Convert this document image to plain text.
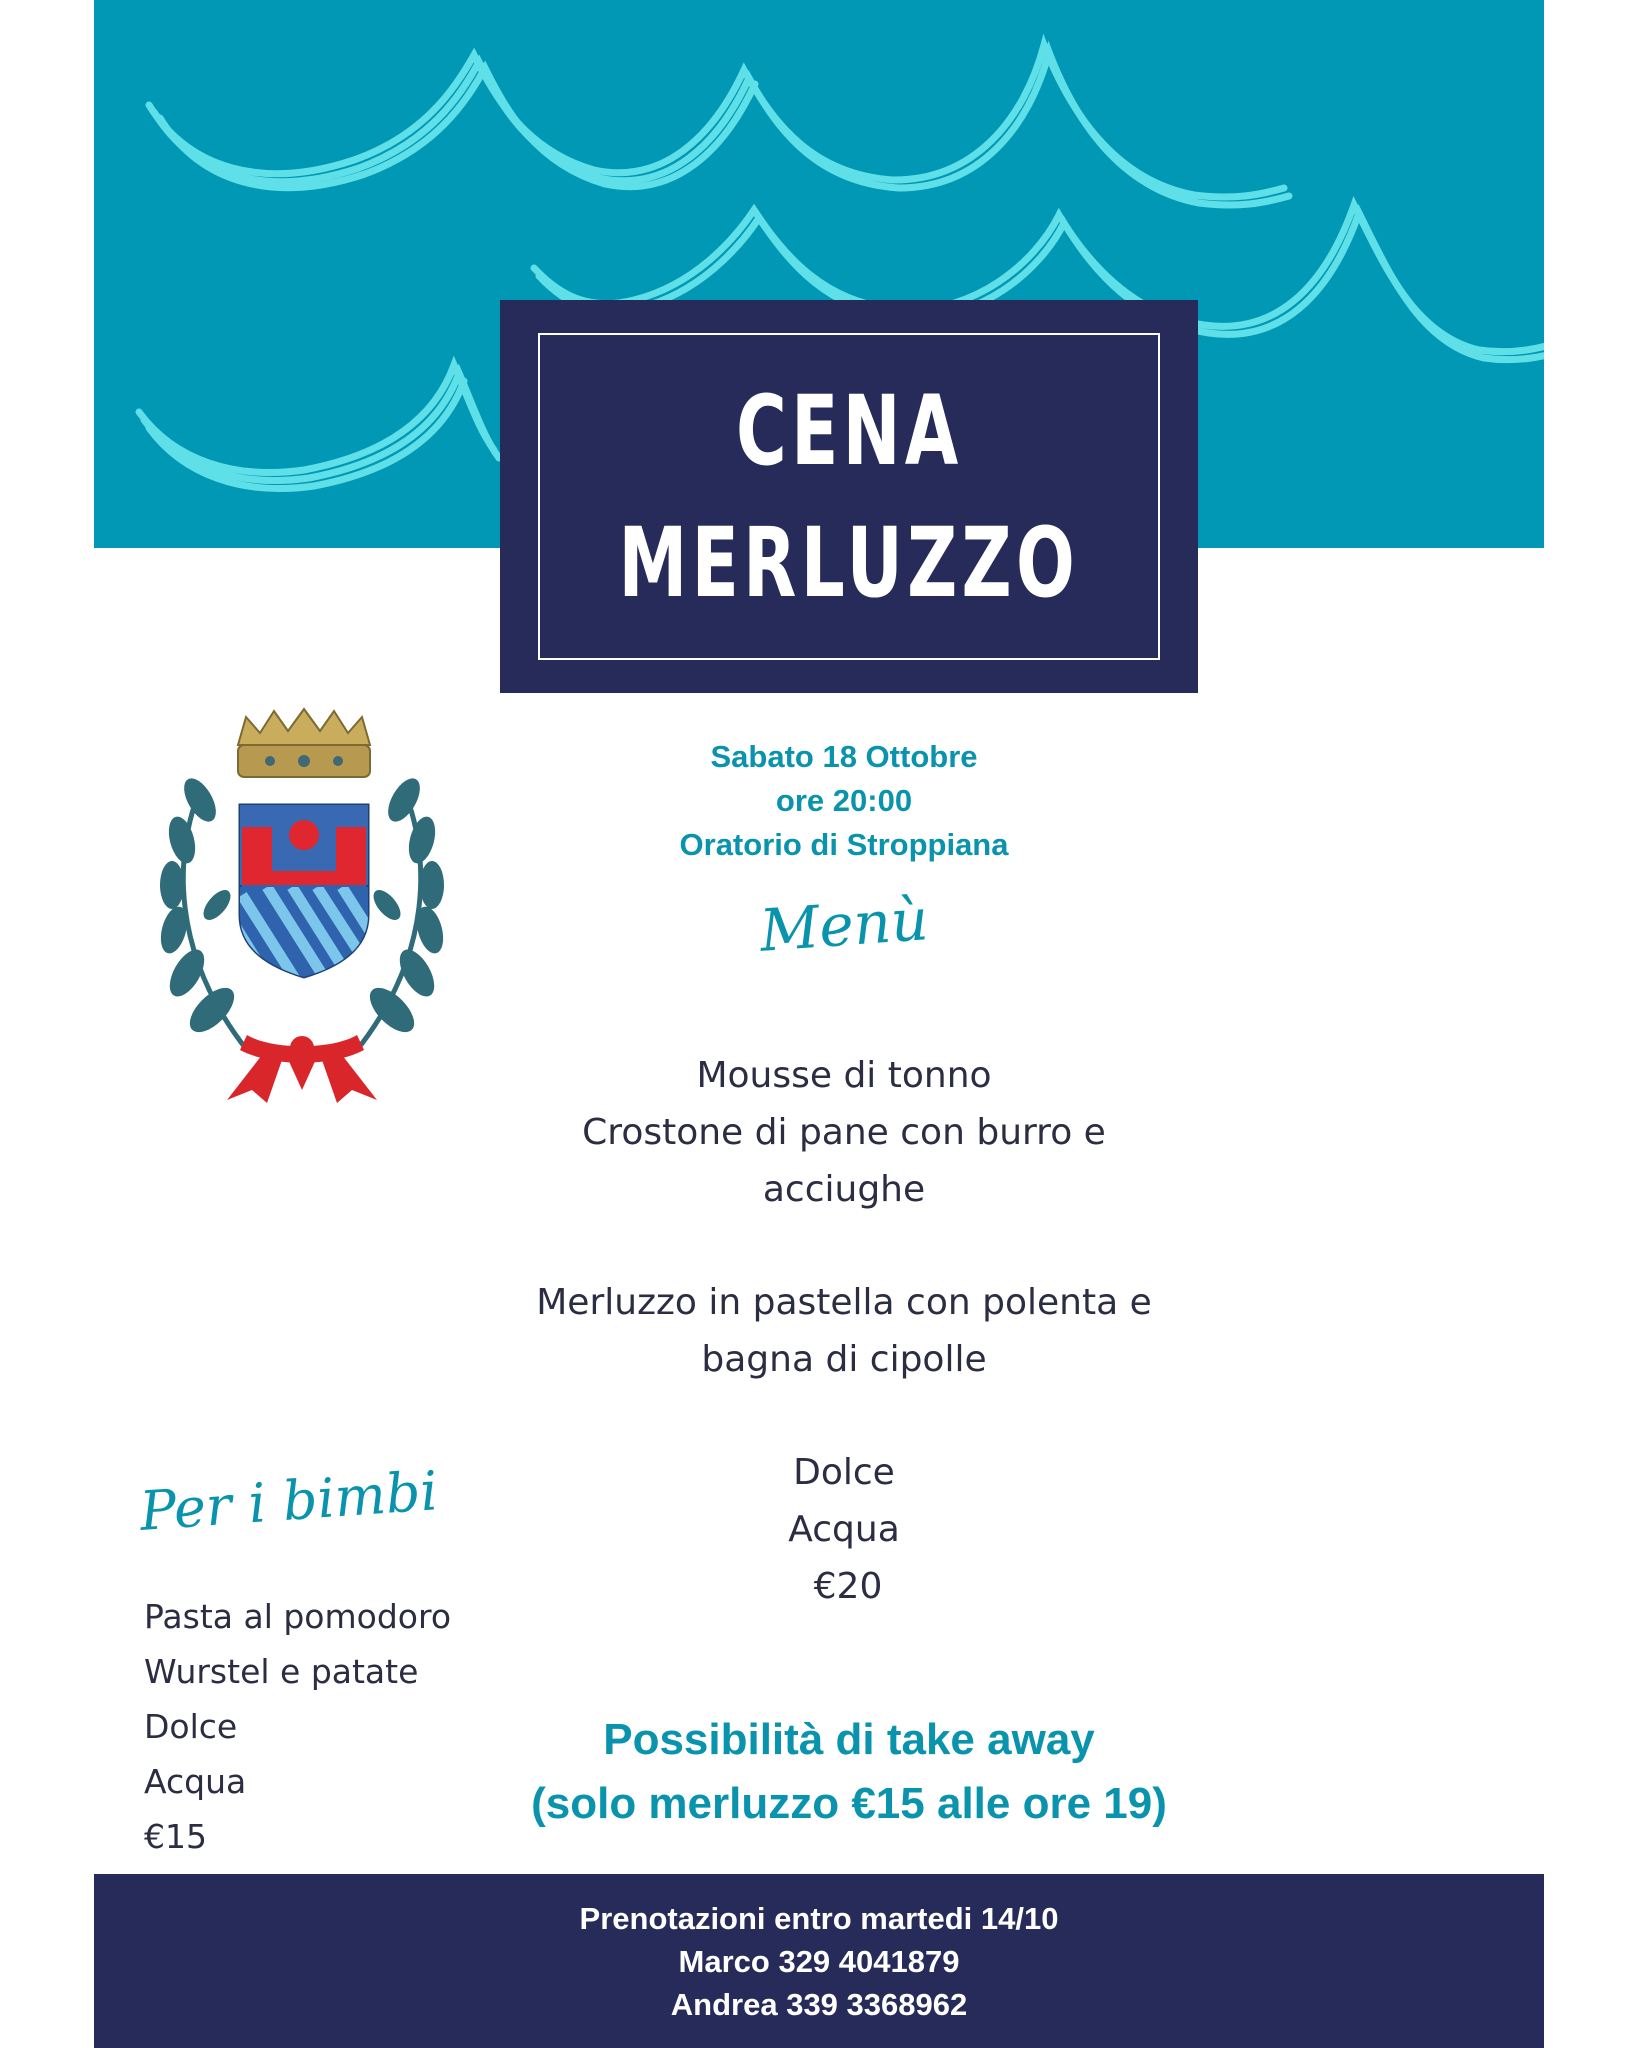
CENA
MERLUZZO
Sabato 18 Ottobre
ore 20:00
Oratorio di Stroppiana
Menù
Mousse di tonno
Crostone di pane con burro e
acciughe
Merluzzo in pastella con polenta e
bagna di cipolle
Dolce
Acqua
€20
Per i bimbi
Pasta al pomodoro
Wurstel e patate
Dolce
Acqua
€15
Possibilità di take away
(solo merluzzo €15 alle ore 19)
Prenotazioni entro martedi 14/10
Marco 329 4041879
Andrea 339 3368962
